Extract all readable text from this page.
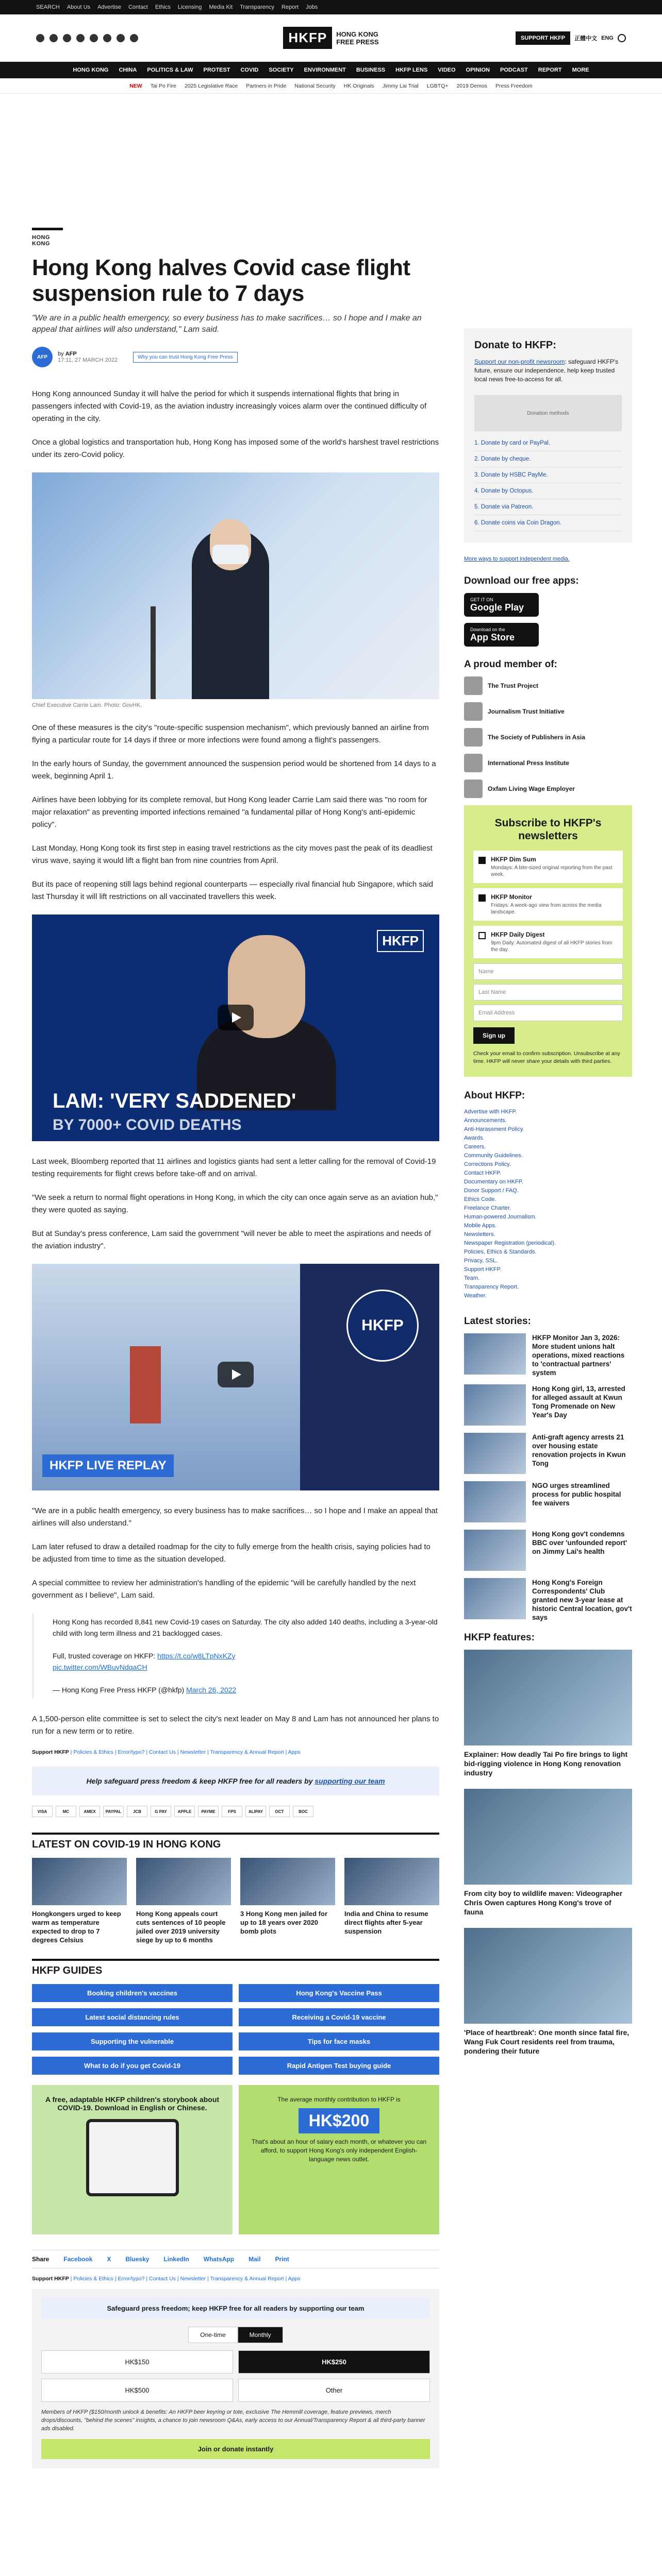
SEARCH About Us Advertise Contact Ethics Licensing Media Kit Transparency Report Jobs
HKFP	HONG KONG
FREE PRESS	SUPPORT HKFP	正體中文 ENG
HONG KONG CHINA POLITICS & LAW PROTEST COVID SOCIETY ENVIRONMENT BUSINESS HKFP LENS VIDEO OPINION PODCAST REPORT MORE
NEW Tai Po Fire 2025 Legislative Race Partners in Pride National Security HK Originals Jimmy Lai Trial LGBTQ+ 2019 Demos Press Freedom
HONG KONG
Hong Kong halves Covid case flight suspension rule to 7 days
"We are in a public health emergency, so every business has to make sacrifices… so I hope and I make an appeal that airlines will also understand," Lam said.
AFP	by AFP
17:11, 27 MARCH 2022	Why you can trust Hong Kong Free Press

Hong Kong announced Sunday it will halve the period for which it suspends international flights that bring in passengers infected with Covid-19, as the aviation industry increasingly voices alarm over the continued difficulty of operating in the city.

Once a global logistics and transportation hub, Hong Kong has imposed some of the world's harshest travel restrictions under its zero-Covid policy.

Chief Executive Carrie Lam. Photo: GovHK.

One of these measures is the city's "route-specific suspension mechanism", which previously banned an airline from flying a particular route for 14 days if three or more infections were found among a flight's passengers.

In the early hours of Sunday, the government announced the suspension period would be shortened from 14 days to a week, beginning April 1.

Airlines have been lobbying for its complete removal, but Hong Kong leader Carrie Lam said there was "no room for major relaxation" as preventing imported infections remained "a fundamental pillar of Hong Kong's anti-epidemic policy".

Last Monday, Hong Kong took its first step in easing travel restrictions as the city moves past the peak of its deadliest virus wave, saying it would lift a flight ban from nine countries from April.

But its pace of reopening still lags behind regional counterparts — especially rival financial hub Singapore, which said last Thursday it will lift restrictions on all vaccinated travellers this week.

HKFP
LAM: 'VERY SADDENED'
BY 7000+ COVID DEATHS

Last week, Bloomberg reported that 11 airlines and logistics giants had sent a letter calling for the removal of Covid-19 testing requirements for flight crews before take-off and on arrival.

"We seek a return to normal flight operations in Hong Kong, in which the city can once again serve as an aviation hub," they were quoted as saying.

But at Sunday's press conference, Lam said the government "will never be able to meet the aspirations and needs of the aviation industry".

HKFP
HKFP LIVE REPLAY

"We are in a public health emergency, so every business has to make sacrifices… so I hope and I make an appeal that airlines will also understand."

Lam later refused to draw a detailed roadmap for the city to fully emerge from the health crisis, saying policies had to be adjusted from time to time as the situation developed.

A special committee to review her administration's handling of the epidemic "will be carefully handled by the next government as I believe", Lam said.

Hong Kong has recorded 8,841 new Covid-19 cases on Saturday. The city also added 140 deaths, including a 3-year-old child with long term illness and 21 backlogged cases.

Full, trusted coverage on HKFP: https://t.co/w8LTpNxKZy
pic.twitter.com/WBuvNdqaCH

— Hong Kong Free Press HKFP (@hkfp) March 26, 2022

A 1,500-person elite committee is set to select the city's next leader on May 8 and Lam has not announced her plans to run for a new term or to retire.

Support HKFP | Policies & Ethics | Error/typo? | Contact Us | Newsletter | Transparency & Annual Report | Apps
Help safeguard press freedom & keep HKFP free for all readers by supporting our team
VISA	MC	AMEX	PAYPAL	JCB	G PAY	APPLE	PAYME	FPS	ALIPAY	OCT	BOC
LATEST ON COVID-19 IN HONG KONG
Hongkongers urged to keep warm as temperature expected to drop to 7 degrees Celsius
Hong Kong appeals court cuts sentences of 10 people jailed over 2019 university siege by up to 6 months
3 Hong Kong men jailed for up to 18 years over 2020 bomb plots
India and China to resume direct flights after 5-year suspension
HKFP GUIDES
Booking children's vaccines	Hong Kong's Vaccine Pass
Latest social distancing rules	Receiving a Covid-19 vaccine
Supporting the vulnerable	Tips for face masks
What to do if you get Covid-19	Rapid Antigen Test buying guide
A free, adaptable HKFP children's storybook about COVID-19. Download in English or Chinese.
The average monthly contribution to HKFP is
HK$200
That's about an hour of salary each month, or whatever you can afford, to support Hong Kong's only independent English-language news outlet.
Share Facebook X Bluesky LinkedIn WhatsApp Mail Print
Support HKFP | Policies & Ethics | Error/typo? | Contact Us | Newsletter | Transparency & Annual Report | Apps
Safeguard press freedom; keep HKFP free for all readers by supporting our team
One-time	Monthly
HK$150	HK$250
HK$500	Other
Members of HKFP ($150/month unlock & benefits: An HKFP beer keyring or tote, exclusive The Hemmill coverage, feature previews, merch drops/discounts, "behind the scenes" insights, a chance to join newsroom Q&As, early access to our Annual/Transparency Report & all third-party banner ads disabled.
Join or donate instantly
Donate to HKFP:
Support our non-profit newsroom: safeguard HKFP's future, ensure our independence, help keep trusted local news free-to-access for all.
Donation methods
1. Donate by card or PayPal.
2. Donate by cheque.
3. Donate by HSBC PayMe.
4. Donate by Octopus.
5. Donate via Patreon.
6. Donate coins via Coin Dragon.
More ways to support independent media.
Download our free apps:
GET IT ON
Google Play
Download on the
App Store
A proud member of:
The Trust Project
Journalism Trust Initiative
The Society of Publishers in Asia
International Press Institute
Oxfam Living Wage Employer
Subscribe to HKFP's newsletters
HKFP Dim Sum
Mondays: A bite-sized original reporting from the past week.
HKFP Monitor
Fridays: A week-ago view from across the media landscape.
HKFP Daily Digest
9pm Daily: Automated digest of all HKFP stories from the day.
Name
Last Name
Email Address
Sign up
Check your email to confirm subscription. Unsubscribe at any time. HKFP will never share your details with third parties.
About HKFP:
Advertise with HKFP.
Announcements.
Anti-Harassment Policy.
Awards.
Careers.
Community Guidelines.
Corrections Policy.
Contact HKFP.
Documentary on HKFP.
Donor Support / FAQ.
Ethics Code.
Freelance Charter.
Human-powered Journalism.
Mobile Apps.
Newsletters.
Newspaper Registration (periodical).
Policies, Ethics & Standards.
Privacy, SSL.
Support HKFP.
Team.
Transparency Report.
Weather.
Latest stories:
HKFP Monitor Jan 3, 2026: More student unions halt operations, mixed reactions to 'contractual partners' system
Hong Kong girl, 13, arrested for alleged assault at Kwun Tong Promenade on New Year's Day
Anti-graft agency arrests 21 over housing estate renovation projects in Kwun Tong
NGO urges streamlined process for public hospital fee waivers
Hong Kong gov't condemns BBC over 'unfounded report' on Jimmy Lai's health
Hong Kong's Foreign Correspondents' Club granted new 3-year lease at historic Central location, gov't says
HKFP features:
Explainer: How deadly Tai Po fire brings to light bid-rigging violence in Hong Kong renovation industry
From city boy to wildlife maven: Videographer Chris Owen captures Hong Kong's trove of fauna
'Place of heartbreak': One month since fatal fire, Wang Fuk Court residents reel from trauma, pondering their future
